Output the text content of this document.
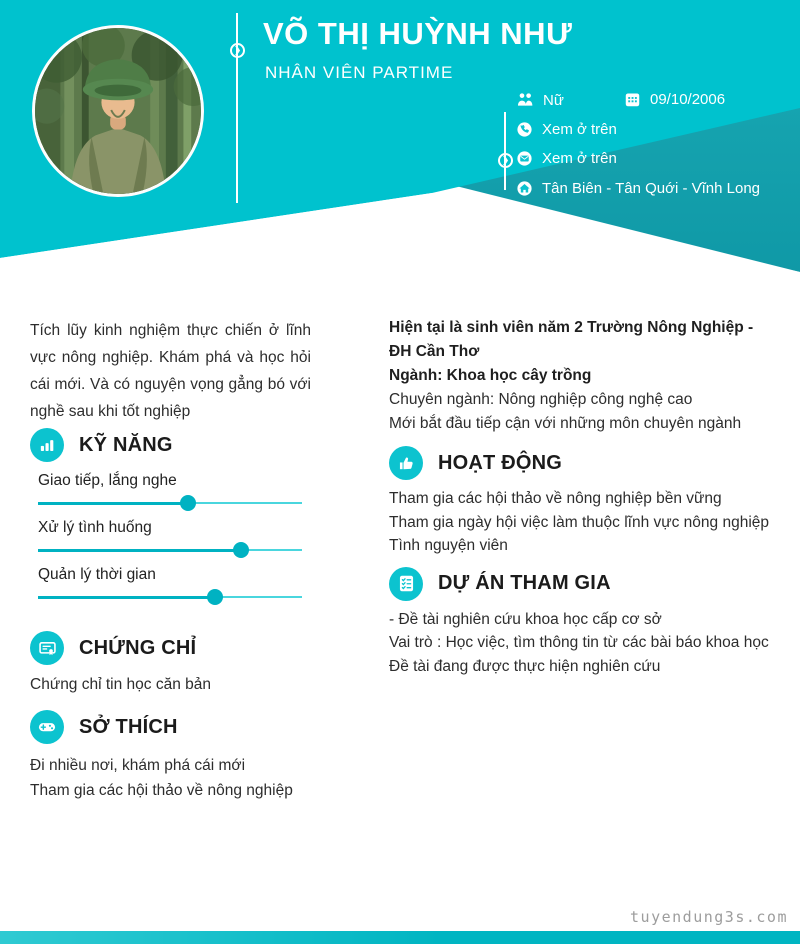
❯
❯
VÕ THỊ HUỲNH NHƯ
NHÂN VIÊN PARTIME
Nữ	09/10/2006
Xem ở trên
Xem ở trên
Tân Biên - Tân Quới - Vĩnh Long
Tích lũy kinh nghiệm thực chiến ở lĩnh vực nông nghiệp. Khám phá và học hỏi cái mới. Và có nguyện vọng gẳng bó với nghề sau khi tốt nghiệp
KỸ NĂNG
Giao tiếp, lắng nghe
Xử lý tình huống
Quản lý thời gian
CHỨNG CHỈ
Chứng chỉ tin học căn bản
SỞ THÍCH
Đi nhiều nơi, khám phá cái mới
Tham gia các hội thảo về nông nghiệp
Hiện tại là sinh viên năm 2 Trường Nông Nghiệp - ĐH Cần Thơ
Ngành: Khoa học cây trồng
Chuyên ngành: Nông nghiệp công nghệ cao
Mới bắt đầu tiếp cận với những môn chuyên ngành
HOẠT ĐỘNG
Tham gia các hội thảo về nông nghiệp bền vững
Tham gia ngày hội việc làm thuộc lĩnh vực nông nghiệp
Tình nguyện viên
DỰ ÁN THAM GIA
- Đề tài nghiên cứu khoa học cấp cơ sở
Vai trò : Học việc, tìm thông tin từ các bài báo khoa học
Đề tài đang được thực hiện nghiên cứu
tuyendung3s.com
